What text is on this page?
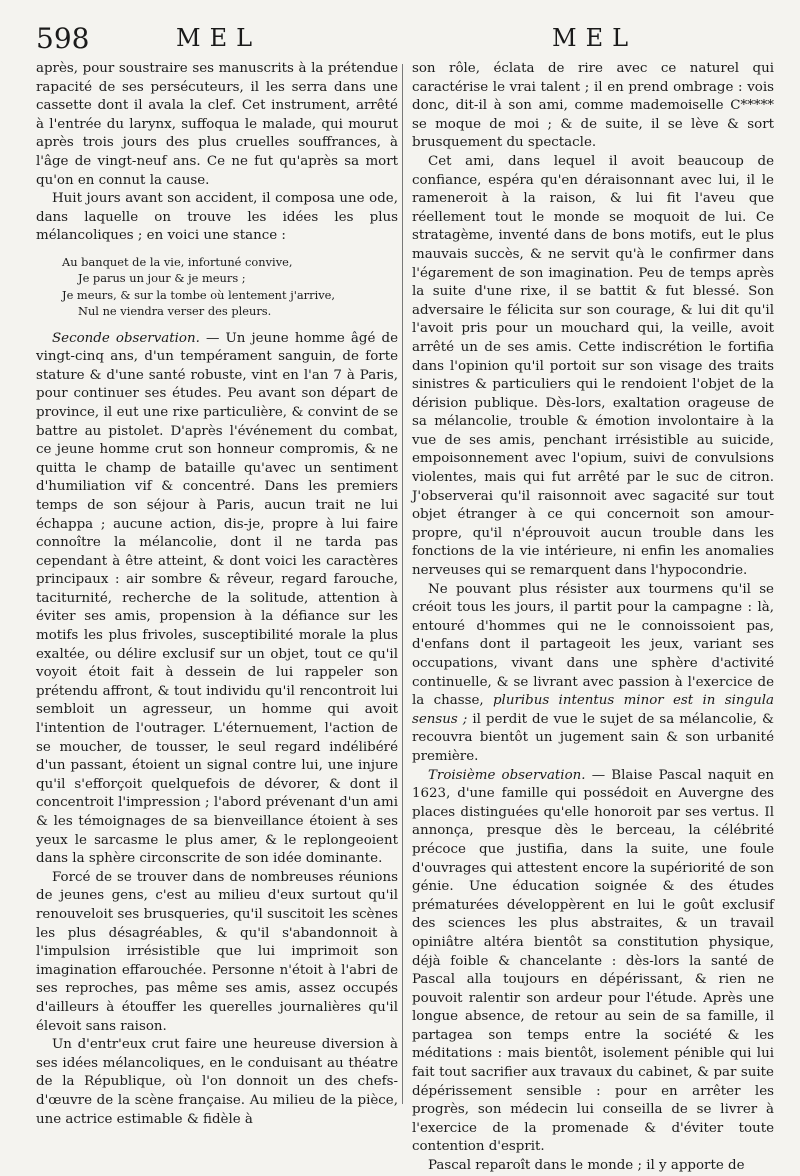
598	MEL	MEL

après, pour soustraire ses manuscrits à la prétendue rapacité de ses persécuteurs, il les serra dans une cassette dont il avala la clef. Cet instrument, arrêté à l'entrée du larynx, suffoqua le malade, qui mourut après trois jours des plus cruelles souffrances, à l'âge de vingt-neuf ans. Ce ne fut qu'après sa mort qu'on en connut la cause.

Huit jours avant son accident, il composa une ode, dans laquelle on trouve les idées les plus mélancoliques ; en voici une stance :

Au banquet de la vie, infortuné convive,
Je parus un jour & je meurs ;
Je meurs, & sur la tombe où lentement j'arrive,
Nul ne viendra verser des pleurs.

Seconde observation. — Un jeune homme âgé de vingt-cinq ans, d'un tempérament sanguin, de forte stature & d'une santé robuste, vint en l'an 7 à Paris, pour continuer ses études. Peu avant son départ de province, il eut une rixe particulière, & convint de se battre au pistolet. D'après l'événement du combat, ce jeune homme crut son honneur compromis, & ne quitta le champ de bataille qu'avec un sentiment d'humiliation vif & concentré. Dans les premiers temps de son séjour à Paris, aucun trait ne lui échappa ; aucune action, dis-je, propre à lui faire connoître la mélancolie, dont il ne tarda pas cependant à être atteint, & dont voici les caractères principaux : air sombre & rêveur, regard farouche, taciturnité, recherche de la solitude, attention à éviter ses amis, propension à la défiance sur les motifs les plus frivoles, susceptibilité morale la plus exaltée, ou délire exclusif sur un objet, tout ce qu'il voyoit étoit fait à dessein de lui rappeler son prétendu affront, & tout individu qu'il rencontroit lui sembloit un agresseur, un homme qui avoit l'intention de l'outrager. L'éternuement, l'action de se moucher, de tousser, le seul regard indélibéré d'un passant, étoient un signal contre lui, une injure qu'il s'efforçoit quelquefois de dévorer, & dont il concentroit l'impression ; l'abord prévenant d'un ami & les témoignages de sa bienveillance étoient à ses yeux le sarcasme le plus amer, & le replongeoient dans la sphère circonscrite de son idée dominante.

Forcé de se trouver dans de nombreuses réunions de jeunes gens, c'est au milieu d'eux surtout qu'il renouveloit ses brusqueries, qu'il suscitoit les scènes les plus désagréables, & qu'il s'abandonnoit à l'impulsion irrésistible que lui imprimoit son imagination effarouchée. Personne n'étoit à l'abri de ses reproches, pas même ses amis, assez occupés d'ailleurs à étouffer les querelles journalières qu'il élevoit sans raison.

Un d'entr'eux crut faire une heureuse diversion à ses idées mélancoliques, en le conduisant au théatre de la République, où l'on donnoit un des chefs-d'œuvre de la scène française. Au milieu de la pièce, une actrice estimable & fidèle à

son rôle, éclata de rire avec ce naturel qui caractérise le vrai talent ; il en prend ombrage : vois donc, dit-il à son ami, comme mademoiselle C***** se moque de moi ; & de suite, il se lève & sort brusquement du spectacle.

Cet ami, dans lequel il avoit beaucoup de confiance, espéra qu'en déraisonnant avec lui, il le rameneroit à la raison, & lui fit l'aveu que réellement tout le monde se moquoit de lui. Ce stratagème, inventé dans de bons motifs, eut le plus mauvais succès, & ne servit qu'à le confirmer dans l'égarement de son imagination. Peu de temps après la suite d'une rixe, il se battit & fut blessé. Son adversaire le félicita sur son courage, & lui dit qu'il l'avoit pris pour un mouchard qui, la veille, avoit arrêté un de ses amis. Cette indiscrétion le fortifia dans l'opinion qu'il portoit sur son visage des traits sinistres & particuliers qui le rendoient l'objet de la dérision publique. Dès-lors, exaltation orageuse de sa mélancolie, trouble & émotion involontaire à la vue de ses amis, penchant irrésistible au suicide, empoisonnement avec l'opium, suivi de convulsions violentes, mais qui fut arrêté par le suc de citron. J'observerai qu'il raisonnoit avec sagacité sur tout objet étranger à ce qui concernoit son amour-propre, qu'il n'éprouvoit aucun trouble dans les fonctions de la vie intérieure, ni enfin les anomalies nerveuses qui se remarquent dans l'hypocondrie.

Ne pouvant plus résister aux tourmens qu'il se créoit tous les jours, il partit pour la campagne : là, entouré d'hommes qui ne le connoissoient pas, d'enfans dont il partageoit les jeux, variant ses occupations, vivant dans une sphère d'activité continuelle, & se livrant avec passion à l'exercice de la chasse, pluribus intentus minor est in singula sensus ; il perdit de vue le sujet de sa mélancolie, & recouvra bientôt un jugement sain & son urbanité première.

Troisième observation. — Blaise Pascal naquit en 1623, d'une famille qui possédoit en Auvergne des places distinguées qu'elle honoroit par ses vertus. Il annonça, presque dès le berceau, la célébrité précoce que justifia, dans la suite, une foule d'ouvrages qui attestent encore la supériorité de son génie. Une éducation soignée & des études prématurées développèrent en lui le goût exclusif des sciences les plus abstraites, & un travail opiniâtre altéra bientôt sa constitution physique, déjà foible & chancelante : dès-lors la santé de Pascal alla toujours en dépérissant, & rien ne pouvoit ralentir son ardeur pour l'étude. Après une longue absence, de retour au sein de sa famille, il partagea son temps entre la société & les méditations : mais bientôt, isolement pénible qui lui fait tout sacrifier aux travaux du cabinet, & par suite dépérissement sensible : pour en arrêter les progrès, son médecin lui conseilla de se livrer à l'exercice de la promenade & d'éviter toute contention d'esprit.

Pascal reparoît dans le monde ; il y apporte de
